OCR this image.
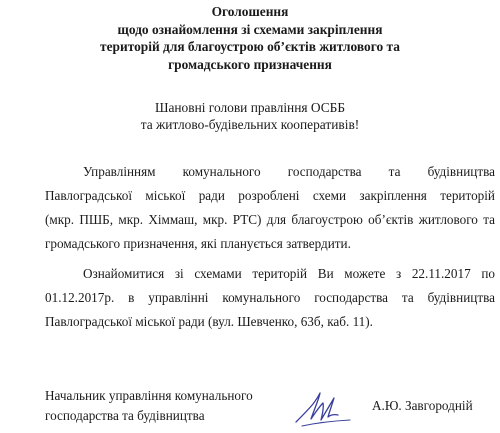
Оголошення
щодо ознайомлення зі схемами закріплення
територій для благоустрою об’єктів житлового та
громадського призначення
Шановні голови правління ОСББ
та житлово-будівельних кооперативів!
Управлінням комунального господарства та будівництва
Павлоградської міської ради розроблені схеми закріплення територій
(мкр. ПШБ, мкр. Хіммаш, мкр. РТС) для благоустрою об’єктів житлового та
громадського призначення, які планується затвердити.
Ознайомитися зі схемами територій Ви можете з 22.11.2017 по
01.12.2017р. в управлінні комунального господарства та будівництва
Павлоградської міської ради (вул. Шевченко, 63б, каб. 11).
Начальник управління комунального
господарства та будівництва
А.Ю. Завгородній
